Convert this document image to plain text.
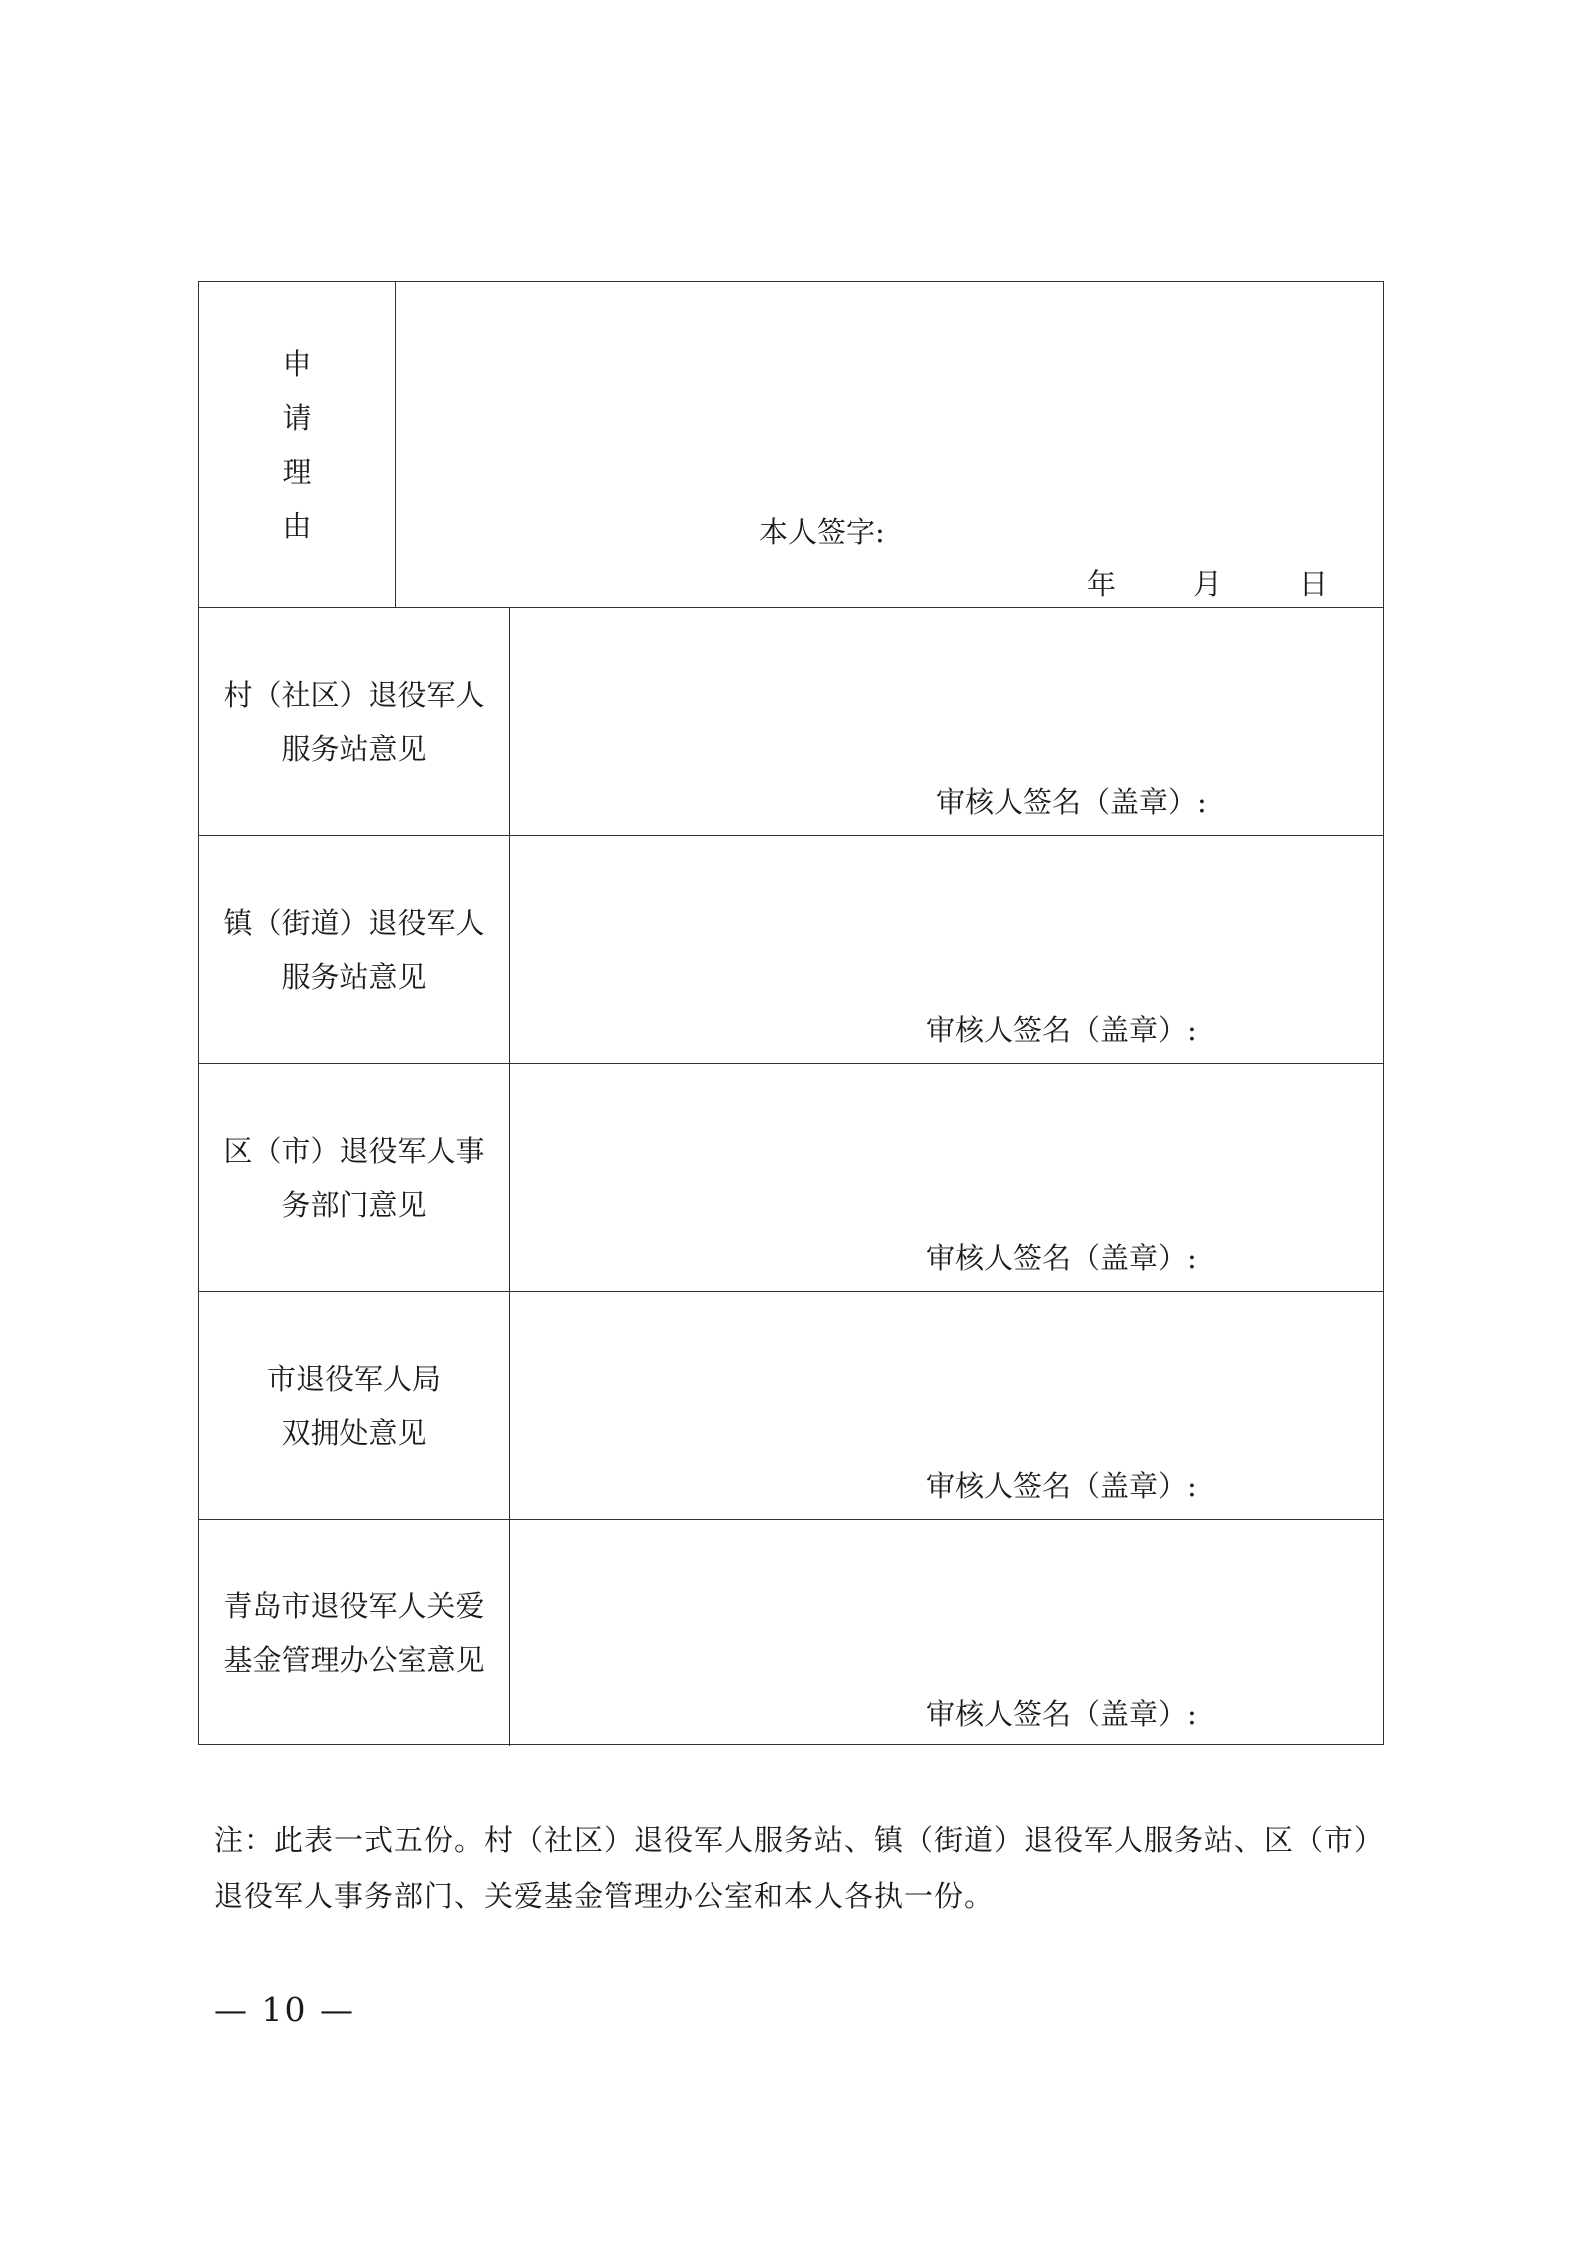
申
请
理
由	本人签字:
年	月	日
村（社区）退役军人
服务站意见
审核人签名（盖章）:
镇（街道）退役军人
服务站意见
审核人签名（盖章）:
区（市）退役军人事
务部门意见
审核人签名（盖章）:
市退役军人局
双拥处意见
审核人签名（盖章）:
青岛市退役军人关爱
基金管理办公室意见
审核人签名（盖章）:
注：此表一式五份。村（社区）退役军人服务站、镇（街道）退役军人服务站、区（市）
退役军人事务部门、关爱基金管理办公室和本人各执一份。
— 10 —
